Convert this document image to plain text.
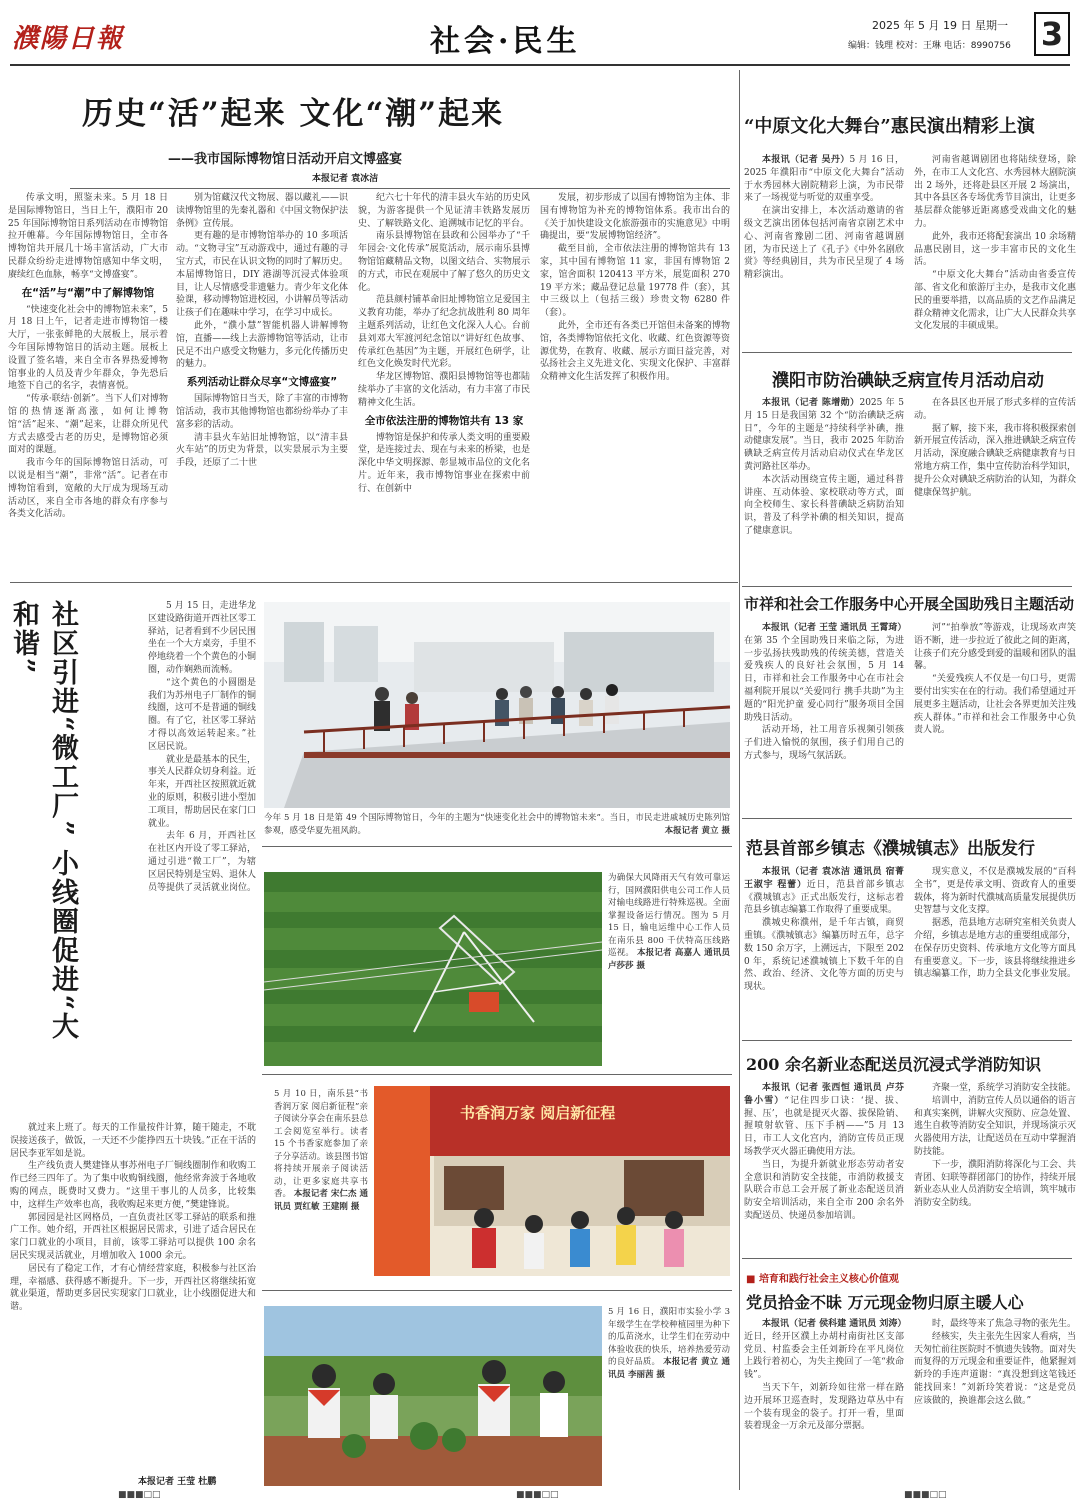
濮陽日報	社会·民生	2025 年 5 月 19 日 星期一
编辑：钱理 校对：王琳 电话：8990756 3
历史“活”起来 文化“潮”起来
——我市国际博物馆日活动开启文博盛宴
本报记者 袁冰洁

传承文明，照鉴未来。5 月 18 日是国际博物馆日，当日上午，濮阳市 2025 年国际博物馆日系列活动在市博物馆拉开帷幕。今年国际博物馆日，全市各博物馆共开展几十场丰富活动，广大市民群众纷纷走进博物馆感知中华文明，赓续红色血脉，畅享“文博盛宴”。

在“活”与“潮”中了解博物馆

“快速变化社会中的博物馆未来”，5 月 18 日上午，记者走进市博物馆一楼大厅，一张张鲜艳的大展板上，展示着今年国际博物馆日的活动主题。展板上设置了签名墙，来自全市各界热爱博物馆事业的人员及青少年群众，争先恐后地签下自己的名字，表情喜悦。

“传承·联结·创新”。当下人们对博物馆的热情逐渐高涨，如何让博物馆“活”起来、“潮”起来，让群众所见代方式去感受古老的历史，是博物馆必须面对的课题。

我市今年的国际博物馆日活动，可以说是相当“潮”，非常“活”。记者在市博物馆看到，宽敞的大厅成为现场互动活动区，来自全市各地的群众有序参与各类文化活动。

别为馆藏汉代文物展、器以藏礼——识读博物馆里的先秦礼器和《中国文物保护法条例》宣传展。

更有趣的是市博物馆举办的 10 多项活动。“文物寻宝”互动游戏中，通过有趣的寻宝方式，市民在认识文物的同时了解历史。本届博物馆日，DIY 港湖等沉浸式体验项目，让人尽情感受非遗魅力。青少年文化体验课，移动博物馆进校园，小讲解员等活动让孩子们在趣味中学习，在学习中成长。

此外，“濮小慧”智能机器人讲解博物馆，直播——线上去游博物馆等活动，让市民足不出户感受文物魅力，多元化传播历史的魅力。

系列活动让群众尽享“文博盛宴”

国际博物馆日当天，除了丰富的市博物馆活动，我市其他博物馆也都纷纷举办了丰富多彩的活动。

清丰县火车站旧址博物馆，以“清丰县火车站”的历史为背景，以实景展示为主要手段，还原了二十世

纪六七十年代的清丰县火车站的历史风貌，为游客提供一个见证清丰铁路发展历史、了解铁路文化、追溯城市记忆的平台。

南乐县博物馆在县政和公园举办了“千年园会·文化传承”展览活动，展示南乐县博物馆馆藏精品文物，以图文结合、实物展示的方式，市民在观展中了解了悠久的历史文化。

范县颜村铺革命旧址博物馆立足爱国主义教育功能，举办了纪念抗战胜利 80 周年主题系列活动，让红色文化深入人心。台前县刘邓大军渡河纪念馆以“讲好红色故事、传承红色基因”为主题，开展红色研学，让红色文化焕发时代光彩。

华龙区博物馆、濮阳县博物馆等也都陆续举办了丰富的文化活动，有力丰富了市民精神文化生活。

全市依法注册的博物馆共有 13 家

博物馆是保护和传承人类文明的重要殿堂，是连接过去、现在与未来的桥梁，也是深化中华文明探源、彰显城市品位的文化名片。近年来，我市博物馆事业在探索中前行、在创新中

发展，初步形成了以国有博物馆为主体、非国有博物馆为补充的博物馆体系。我市出台的《关于加快建设文化旅游强市的实施意见》中明确提出，要“发展博物馆经济”。

截至目前，全市依法注册的博物馆共有 13 家，其中国有博物馆 11 家，非国有博物馆 2 家，馆舍面积 120413 平方米，展览面积 27019 平方米；藏品登记总量 19778 件（套），其中三级以上（包括三级）珍贵文物 6280 件（套）。

此外，全市还有各类已开馆但未备案的博物馆，各类博物馆依托文化、收藏、红色资源等资源优势，在教育、收藏、展示方面日益完善，对弘扬社会主义先进文化、实现文化保护、丰富群众精神文化生活发挥了积极作用。

“中原文化大舞台”惠民演出精彩上演

本报讯（记者 吴丹）5 月 16 日，2025 年濮阳市“中原文化大舞台”活动于水秀园林大剧院精彩上演，为市民带来了一场视觉与听觉的双重享受。

在演出安排上，本次活动邀请的省级文艺演出团体包括河南省京剧艺术中心、河南省豫剧二团、河南省越调剧团，为市民送上了《孔子》《中外名剧欣赏》等经典剧目，共为市民呈现了 4 场精彩演出。

河南省越调剧团也将陆续登场，除外，在市工人文化宫、水秀园林大剧院演出 2 场外，还将赴县区开展 2 场演出，其中各县区各专场优秀节目演出，让更多基层群众能够近距离感受戏曲文化的魅力。

此外，我市还将配套演出 10 余场精品惠民剧目，这一步丰富市民的文化生活。

“中原文化大舞台”活动由省委宣传部、省文化和旅游厅主办，是我市文化惠民的重要举措，以高品质的文艺作品满足群众精神文化需求，让广大人民群众共享文化发展的丰硕成果。

濮阳市防治碘缺乏病宣传月活动启动

本报讯（记者 陈增勋）2025 年 5 月 15 日是我国第 32 个“防治碘缺乏病日”，今年的主题是“持续科学补碘，推动健康发展”。当日，我市 2025 年防治碘缺乏病宣传月活动启动仪式在华龙区黄河路社区举办。

本次活动围绕宣传主题，通过科普讲座、互动体验、家校联动等方式，面向全校师生、家长科普碘缺乏病防治知识，普及了科学补碘的相关知识，提高了健康意识。

在各县区也开展了形式多样的宣传活动。

据了解，接下来，我市将积极探索创新开展宣传活动，深入推进碘缺乏病宣传月活动，深度融合碘缺乏病健康教育与日常地方病工作，集中宣传防治科学知识，提升公众对碘缺乏病防治的认知，为群众健康保驾护航。

市祥和社会工作服务中心开展全国助残日主题活动

本报讯（记者 王莹 通讯员 王霄琦）在第 35 个全国助残日来临之际，为进一步弘扬扶残助残的传统美德，营造关爱残疾人的良好社会氛围，5 月 14 日，市祥和社会工作服务中心在市社会福利院开展以“关爱同行 携手共助”为主题的“阳光护童 爱心同行”服务项目全国助残日活动。

活动开场，社工用音乐视频引领孩子们进入愉悦的氛围，孩子们用自己的方式参与，现场气氛活跃。

河”“拍拳放”等游戏，让现场欢声笑语不断，进一步拉近了彼此之间的距离，让孩子们充分感受到爱的温暖和团队的温馨。

“关爱残疾人不仅是一句口号，更需要付出实实在在的行动。我们希望通过开展更多主题活动，让社会各界更加关注残疾人群体。”市祥和社会工作服务中心负责人说。

范县首部乡镇志《濮城镇志》出版发行

本报讯（记者 袁冰洁 通讯员 宿菁 王淑宇 程蕾）近日，范县首部乡镇志《濮城镇志》正式出版发行，这标志着范县乡镇志编纂工作取得了重要成果。

濮城史称濮州，是千年古镇，商贸重镇。《濮城镇志》编纂历时五年，总字数 150 余万字，上溯远古，下限至 2020 年，系统记述濮城镇上下数千年的自然、政治、经济、文化等方面的历史与现状。

现实意义，不仅是濮城发展的“百科全书”，更是传承文明、资政育人的重要载体，将为新时代濮城高质量发展提供历史智慧与文化支撑。

据悉，范县地方志研究室相关负责人介绍，乡镇志是地方志的重要组成部分，在保存历史资料、传承地方文化等方面具有重要意义。下一步，该县将继续推进乡镇志编纂工作，助力全县文化事业发展。

200 余名新业态配送员沉浸式学消防知识

本报讯（记者 张西恒 通讯员 卢芬 鲁小雪）“记住四步口诀：‘提、拔、握、压’，也就是提灭火器、拔保险销、握喷射软管、压下手柄——”5 月 13 日，市工人文化宫内，消防宣传员正现场教学灭火器正确使用方法。

当日，为提升新就业形态劳动者安全意识和消防安全技能，市消防救援支队联合市总工会开展了新业态配送员消防安全培训活动，来自全市 200 余名外卖配送员、快递员参加培训。

齐聚一堂，系统学习消防安全技能。

培训中，消防宣传人员以通俗的语言和真实案例，讲解火灾预防、应急处置、逃生自救等消防安全知识，并现场演示灭火器使用方法，让配送员在互动中掌握消防技能。

下一步，濮阳消防将深化与工会、共青团、妇联等群团部门的协作，持续开展新业态从业人员消防安全培训，筑牢城市消防安全防线。

■ 培育和践行社会主义核心价值观
党员拾金不昧 万元现金物归原主暖人心

本报讯（记者 侯科建 通讯员 刘涛）近日，经开区濮上办胡村南街社区支部党员、村监委会主任刘新玲在平凡岗位上践行着初心，为失主挽回了一笔“救命钱”。

当天下午，刘新玲如往常一样在路边开展环卫巡查时，发现路边草丛中有一个装有现金的袋子。打开一看，里面装着现金一万余元及部分票据。

时，最终等来了焦急寻物的张先生。

经核实，失主张先生因家人看病，当天匆忙前往医院时不慎遗失钱物。面对失而复得的万元现金和重要证件，他紧握刘新玲的手连声道谢：“真没想到这笔钱还能找回来！”刘新玲笑着说：“这是党员应该做的，换谁都会这么做。”

社区引进“微工厂” 小线圈促进“大和谐”	5 月 15 日，走进华龙区建设路街道开西社区零工驿站，记者看到不少居民围坐在一个大方桌旁，手里不停地绕着一个个黄色的小铜圈，动作娴熟而流畅。

“这个黄色的小圆圈是我们为苏州电子厂制作的铜线圈，这可不是普通的铜线圈。有了它，社区零工驿站才得以高效运转起来。”社区居民说。

就业是最基本的民生，事关人民群众切身利益。近年来，开西社区按照就近就业的原则，积极引进小型加工项目，帮助居民在家门口就业。

去年 6 月，开西社区在社区内开设了零工驿站，通过引进“微工厂”，为辖区居民特别是宝妈、退休人员等提供了灵活就业岗位。

就过来上班了。每天的工作量按件计算，随干随走，不耽误接送孩子，做饭，一天还不少能挣四五十块钱。”正在干活的居民李亚军如是说。

生产线负责人樊建锋从事苏州电子厂铜线圈制作和收购工作已经三四年了。为了集中收购铜线圈，他经常奔波于各地收购的网点，既费时又费力。“这里干事儿的人员多，比较集中，这样生产效率也高，我收购起来更方便，”樊建锋说。

郭园园是社区网格员，一直负责社区零工驿站的联系和推广工作。她介绍，开西社区根据居民需求，引进了适合居民在家门口就业的小项目，目前，该零工驿站可以提供 100 余名居民实现灵活就业，月增加收入 1000 余元。

居民有了稳定工作，才有心情经营家庭，积极参与社区治理，幸福感、获得感不断提升。下一步，开西社区将继续拓宽就业渠道，帮助更多居民实现家门口就业，让小线圈促进大和谐。

本报记者 王莹 杜鹏
今年 5 月 18 日是第 49 个国际博物馆日，今年的主题为“快速变化社会中的博物馆未来”。当日，市民走进戚城历史陈列馆参观，感受华夏先祖风韵。	本报记者 黄立 摄
为确保大风降雨天气有效可靠运行，国网濮阳供电公司工作人员对输电线路进行特殊巡视。全面掌握设备运行情况。图为 5 月 15 日，输电运维中心工作人员在南乐县 800 千伏特高压线路巡视。 本报记者 高嘉人 通讯员 卢莎莎 摄
5 月 10 日，南乐县“书香润万家 阅启新征程”亲子阅读分享会在南乐县总工会阅览室举行。读者 15 个书香家庭参加了亲子分享活动。该县图书馆将持续开展亲子阅读活动，让更多家庭共享书香。 本报记者 宋仁杰 通讯员 贾红敏 王建刚 摄
书香润万家 阅启新征程
5 月 16 日，濮阳市实验小学 3 年级学生在学校种植园里为种下的瓜苗浇水，让学生们在劳动中体验收获的快乐，培养热爱劳动的良好品质。 本报记者 黄立 通讯员 李丽茜 摄
■■■□□	■■■□□	■■■□□
